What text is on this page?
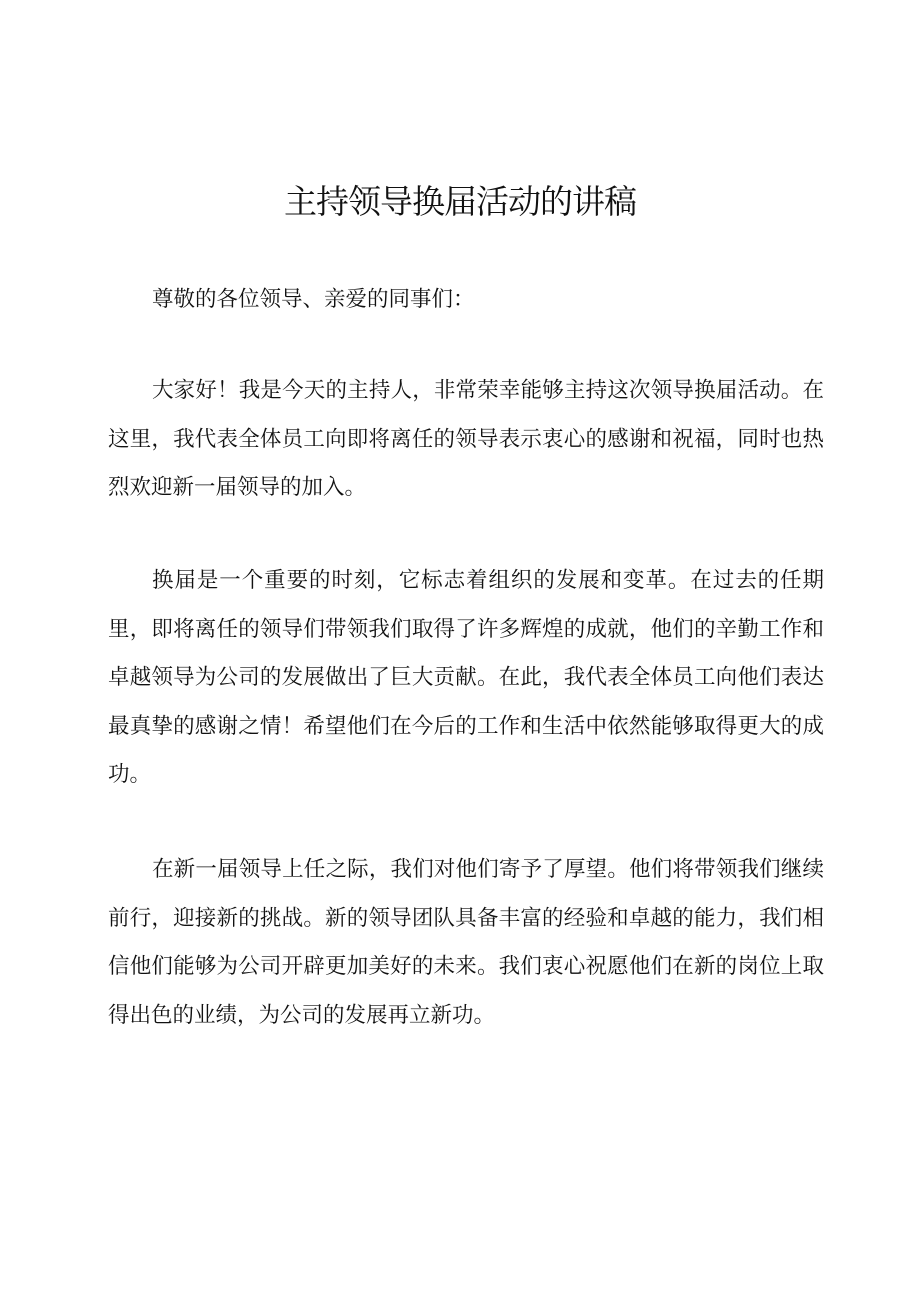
主持领导换届活动的讲稿

尊敬的各位领导、亲爱的同事们：

大家好！我是今天的主持人，非常荣幸能够主持这次领导换届活动。在这里，我代表全体员工向即将离任的领导表示衷心的感谢和祝福，同时也热烈欢迎新一届领导的加入。

换届是一个重要的时刻，它标志着组织的发展和变革。在过去的任期里，即将离任的领导们带领我们取得了许多辉煌的成就，他们的辛勤工作和卓越领导为公司的发展做出了巨大贡献。在此，我代表全体员工向他们表达最真挚的感谢之情！希望他们在今后的工作和生活中依然能够取得更大的成功。

在新一届领导上任之际，我们对他们寄予了厚望。他们将带领我们继续前行，迎接新的挑战。新的领导团队具备丰富的经验和卓越的能力，我们相信他们能够为公司开辟更加美好的未来。我们衷心祝愿他们在新的岗位上取得出色的业绩，为公司的发展再立新功。
